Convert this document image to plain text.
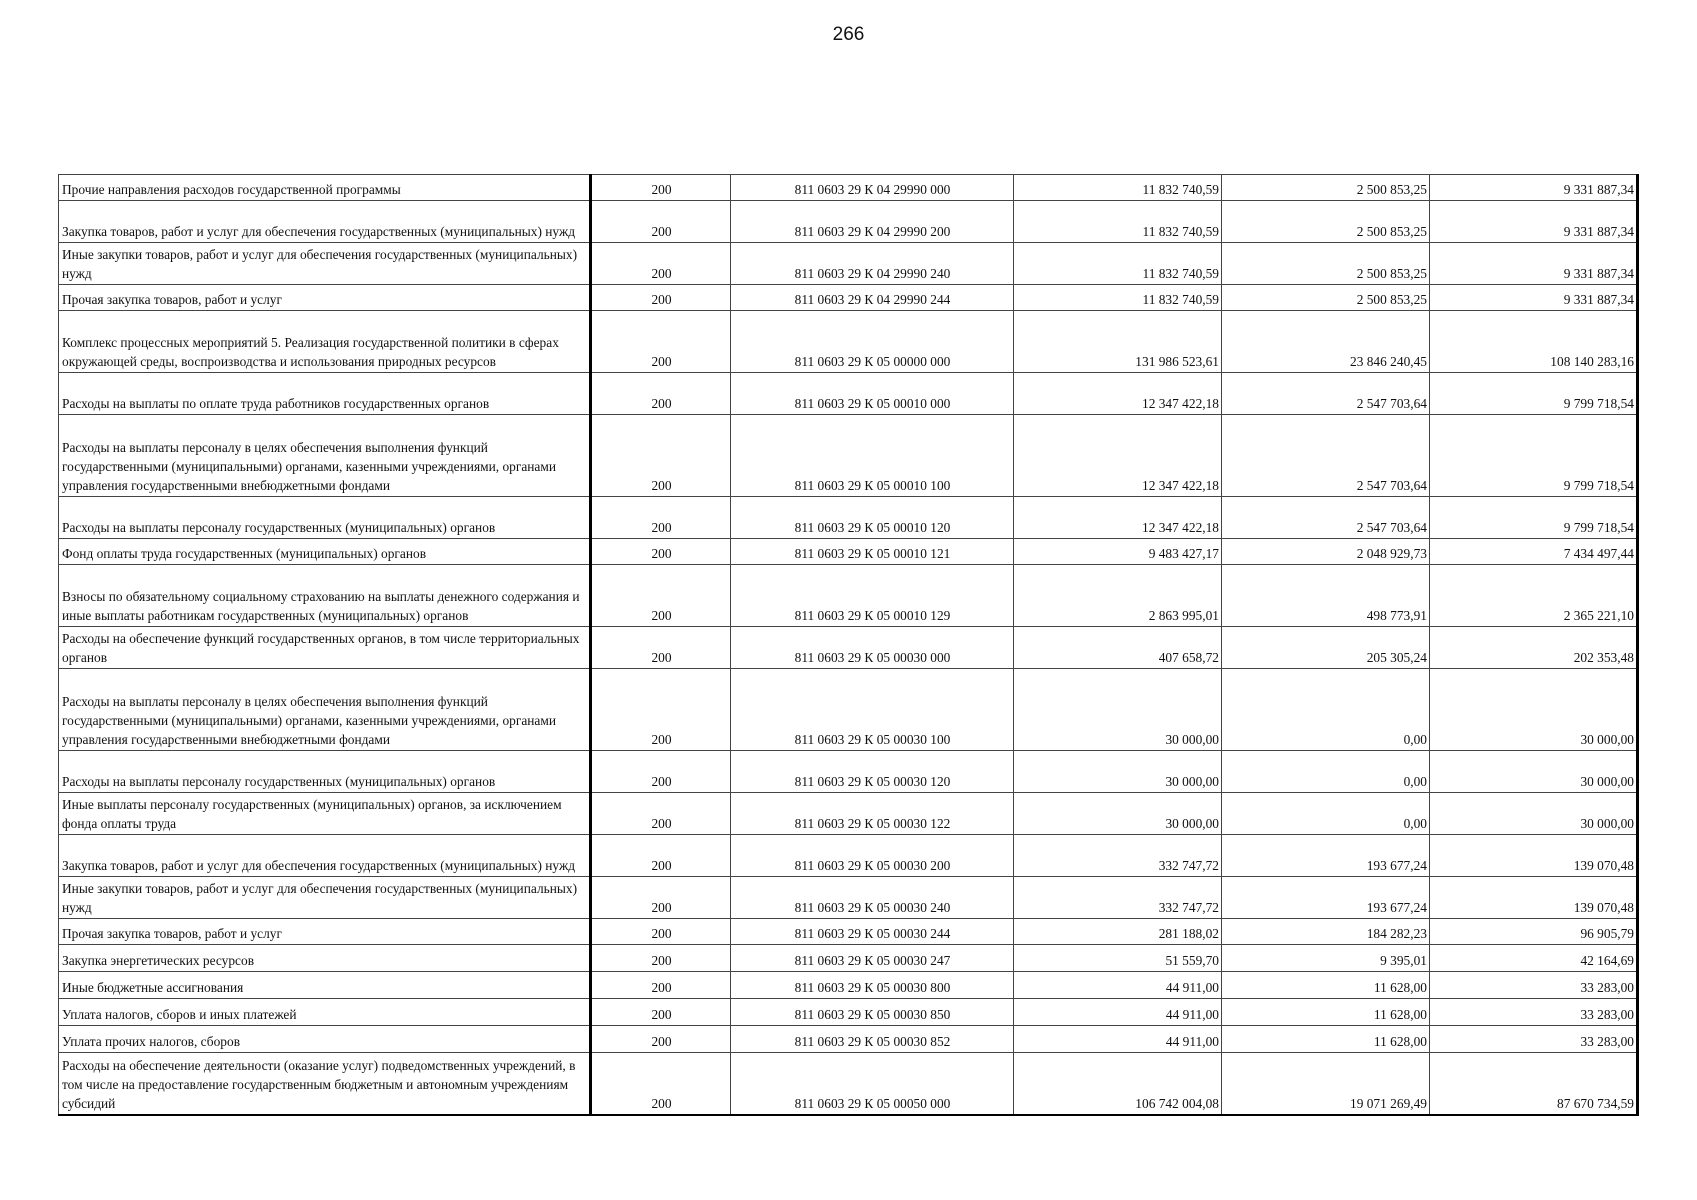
266
Прочие направления расходов государственной программы	200	811 0603 29 К 04 29990 000	11 832 740,59	2 500 853,25	9 331 887,34
Закупка товаров, работ и услуг для обеспечения государственных (муниципальных) нужд	200	811 0603 29 К 04 29990 200	11 832 740,59	2 500 853,25	9 331 887,34
Иные закупки товаров, работ и услуг для обеспечения государственных (муниципальных) нужд	200	811 0603 29 К 04 29990 240	11 832 740,59	2 500 853,25	9 331 887,34
Прочая закупка товаров, работ и услуг	200	811 0603 29 К 04 29990 244	11 832 740,59	2 500 853,25	9 331 887,34
Комплекс процессных мероприятий 5. Реализация государственной политики в сферах окружающей среды, воспроизводства и использования природных ресурсов	200	811 0603 29 К 05 00000 000	131 986 523,61	23 846 240,45	108 140 283,16
Расходы на выплаты по оплате труда работников государственных органов	200	811 0603 29 К 05 00010 000	12 347 422,18	2 547 703,64	9 799 718,54
Расходы на выплаты персоналу в целях обеспечения выполнения функций государственными (муниципальными) органами, казенными учреждениями, органами управления государственными внебюджетными фондами	200	811 0603 29 К 05 00010 100	12 347 422,18	2 547 703,64	9 799 718,54
Расходы на выплаты персоналу государственных (муниципальных) органов	200	811 0603 29 К 05 00010 120	12 347 422,18	2 547 703,64	9 799 718,54
Фонд оплаты труда государственных (муниципальных) органов	200	811 0603 29 К 05 00010 121	9 483 427,17	2 048 929,73	7 434 497,44
Взносы по обязательному социальному страхованию на выплаты денежного содержания и иные выплаты работникам государственных (муниципальных) органов	200	811 0603 29 К 05 00010 129	2 863 995,01	498 773,91	2 365 221,10
Расходы на обеспечение функций государственных органов, в том числе территориальных органов	200	811 0603 29 К 05 00030 000	407 658,72	205 305,24	202 353,48
Расходы на выплаты персоналу в целях обеспечения выполнения функций государственными (муниципальными) органами, казенными учреждениями, органами управления государственными внебюджетными фондами	200	811 0603 29 К 05 00030 100	30 000,00	0,00	30 000,00
Расходы на выплаты персоналу государственных (муниципальных) органов	200	811 0603 29 К 05 00030 120	30 000,00	0,00	30 000,00
Иные выплаты персоналу государственных (муниципальных) органов, за исключением фонда оплаты труда	200	811 0603 29 К 05 00030 122	30 000,00	0,00	30 000,00
Закупка товаров, работ и услуг для обеспечения государственных (муниципальных) нужд	200	811 0603 29 К 05 00030 200	332 747,72	193 677,24	139 070,48
Иные закупки товаров, работ и услуг для обеспечения государственных (муниципальных) нужд	200	811 0603 29 К 05 00030 240	332 747,72	193 677,24	139 070,48
Прочая закупка товаров, работ и услуг	200	811 0603 29 К 05 00030 244	281 188,02	184 282,23	96 905,79
Закупка энергетических ресурсов	200	811 0603 29 К 05 00030 247	51 559,70	9 395,01	42 164,69
Иные бюджетные ассигнования	200	811 0603 29 К 05 00030 800	44 911,00	11 628,00	33 283,00
Уплата налогов, сборов и иных платежей	200	811 0603 29 К 05 00030 850	44 911,00	11 628,00	33 283,00
Уплата прочих налогов, сборов	200	811 0603 29 К 05 00030 852	44 911,00	11 628,00	33 283,00
Расходы на обеспечение деятельности (оказание услуг) подведомственных учреждений, в том числе на предоставление государственным бюджетным и автономным учреждениям субсидий	200	811 0603 29 К 05 00050 000	106 742 004,08	19 071 269,49	87 670 734,59
